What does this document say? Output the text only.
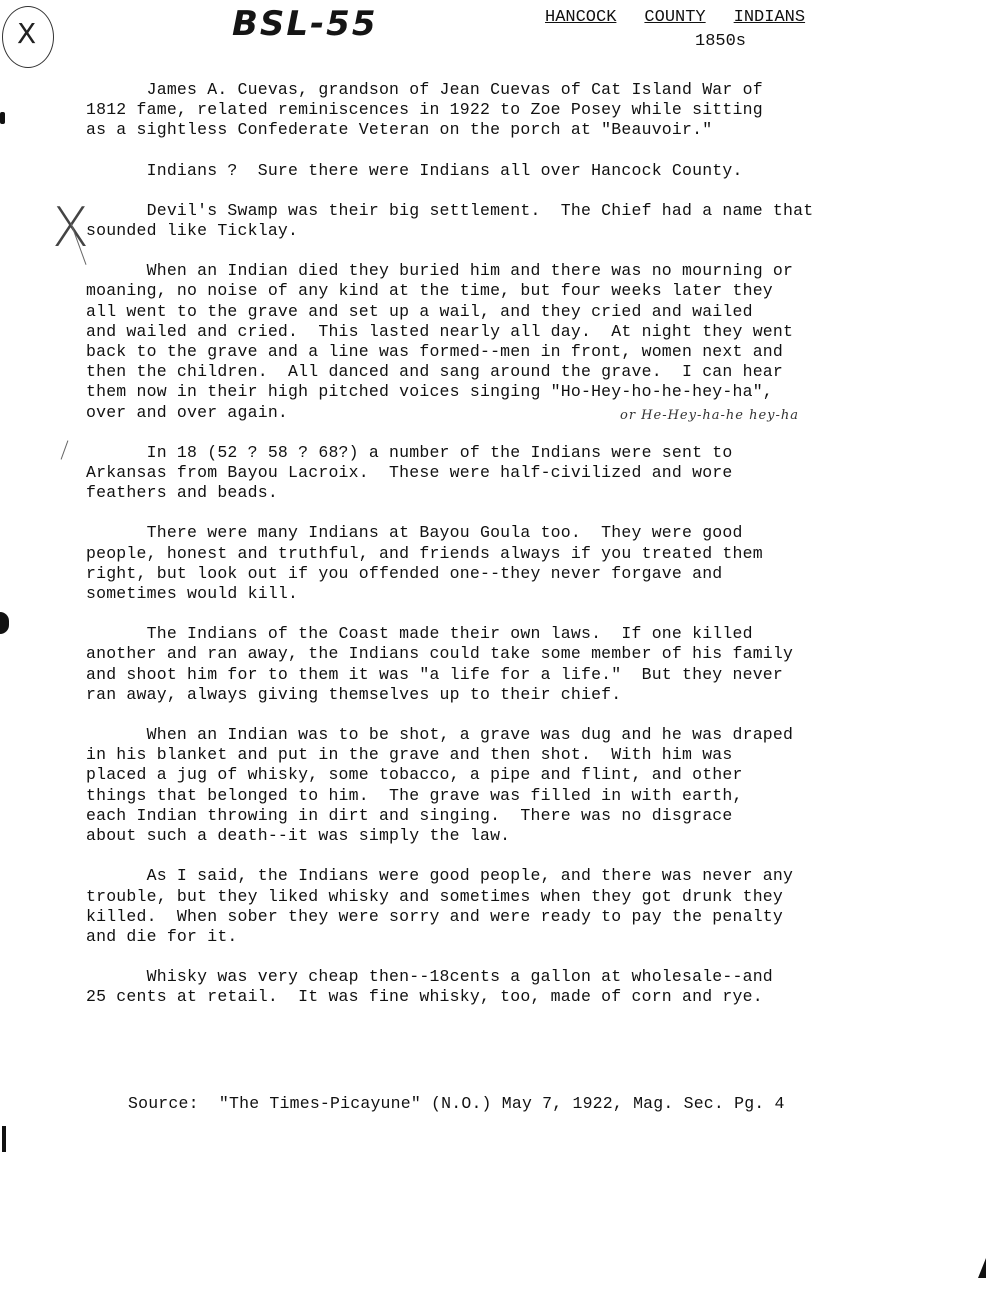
X	BSL-55
X
or He-Hey-ha-he hey-ha
HANCOCK COUNTY INDIANS
1850s

James A. Cuevas, grandson of Jean Cuevas of Cat Island War of
1812 fame, related reminiscences in 1922 to Zoe Posey while sitting
as a sightless Confederate Veteran on the porch at "Beauvoir."

Indians ?  Sure there were Indians all over Hancock County.

Devil's Swamp was their big settlement.  The Chief had a name that
sounded like Ticklay.

When an Indian died they buried him and there was no mourning or
moaning, no noise of any kind at the time, but four weeks later they
all went to the grave and set up a wail, and they cried and wailed
and wailed and cried.  This lasted nearly all day.  At night they went
back to the grave and a line was formed--men in front, women next and
then the children.  All danced and sang around the grave.  I can hear
them now in their high pitched voices singing "Ho-Hey-ho-he-hey-ha",
over and over again.

In 18 (52 ? 58 ? 68?) a number of the Indians were sent to
Arkansas from Bayou Lacroix.  These were half-civilized and wore
feathers and beads.

There were many Indians at Bayou Goula too.  They were good
people, honest and truthful, and friends always if you treated them
right, but look out if you offended one--they never forgave and
sometimes would kill.

The Indians of the Coast made their own laws.  If one killed
another and ran away, the Indians could take some member of his family
and shoot him for to them it was "a life for a life."  But they never
ran away, always giving themselves up to their chief.

When an Indian was to be shot, a grave was dug and he was draped
in his blanket and put in the grave and then shot.  With him was
placed a jug of whisky, some tobacco, a pipe and flint, and other
things that belonged to him.  The grave was filled in with earth,
each Indian throwing in dirt and singing.  There was no disgrace
about such a death--it was simply the law.

As I said, the Indians were good people, and there was never any
trouble, but they liked whisky and sometimes when they got drunk they
killed.  When sober they were sorry and were ready to pay the penalty
and die for it.

Whisky was very cheap then--18cents a gallon at wholesale--and
25 cents at retail.  It was fine whisky, too, made of corn and rye.

Source:  "The Times-Picayune" (N.O.) May 7, 1922, Mag. Sec. Pg. 4
